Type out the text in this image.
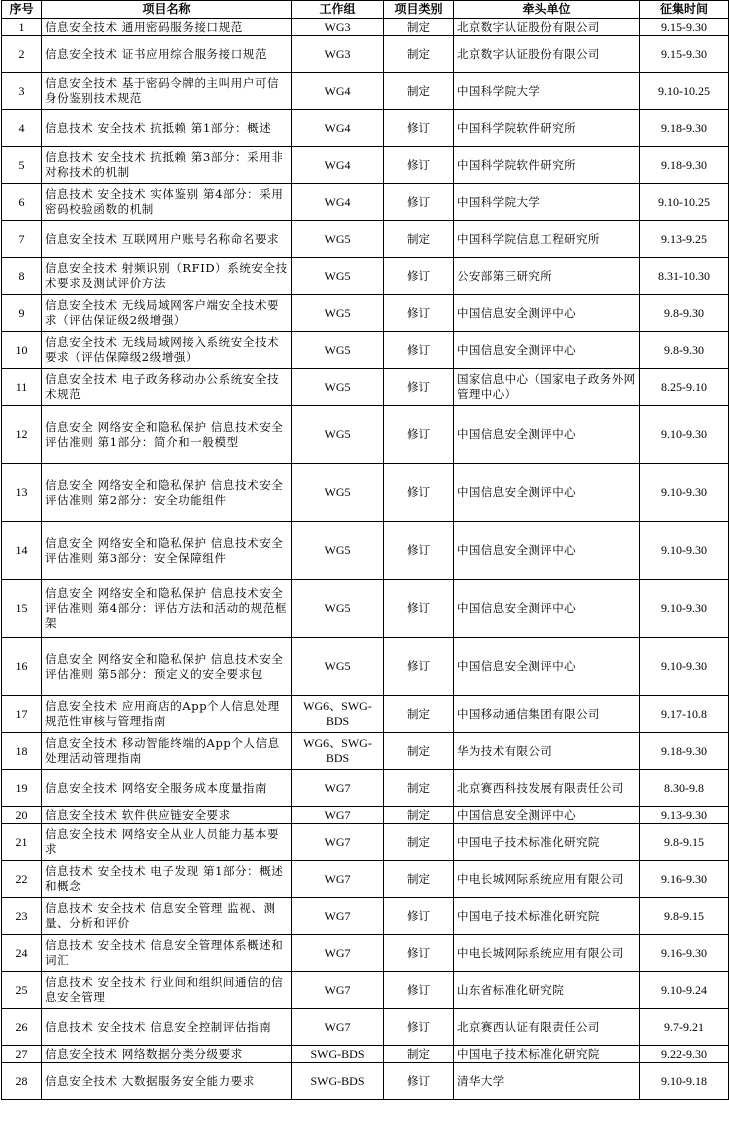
序号	项目名称	工作组	项目类别	牵头单位	征集时间
1	信息安全技术 通用密码服务接口规范	WG3	制定	北京数字认证股份有限公司	9.15-9.30
2	信息安全技术 证书应用综合服务接口规范	WG3	制定	北京数字认证股份有限公司	9.15-9.30
3	信息安全技术 基于密码令牌的主叫用户可信身份鉴别技术规范	WG4	制定	中国科学院大学	9.10-10.25
4	信息技术 安全技术 抗抵赖 第1部分：概述	WG4	修订	中国科学院软件研究所	9.18-9.30
5	信息技术 安全技术 抗抵赖 第3部分：采用非对称技术的机制	WG4	修订	中国科学院软件研究所	9.18-9.30
6	信息技术 安全技术 实体鉴别 第4部分：采用密码校验函数的机制	WG4	修订	中国科学院大学	9.10-10.25
7	信息安全技术 互联网用户账号名称命名要求	WG5	制定	中国科学院信息工程研究所	9.13-9.25
8	信息安全技术 射频识别（RFID）系统安全技术要求及测试评价方法	WG5	修订	公安部第三研究所	8.31-10.30
9	信息安全技术 无线局域网客户端安全技术要求（评估保证级2级增强）	WG5	修订	中国信息安全测评中心	9.8-9.30
10	信息安全技术 无线局域网接入系统安全技术要求（评估保障级2级增强）	WG5	修订	中国信息安全测评中心	9.8-9.30
11	信息安全技术 电子政务移动办公系统安全技术规范	WG5	修订	国家信息中心（国家电子政务外网管理中心）	8.25-9.10
12	信息安全 网络安全和隐私保护 信息技术安全评估准则 第1部分：简介和一般模型	WG5	修订	中国信息安全测评中心	9.10-9.30
13	信息安全 网络安全和隐私保护 信息技术安全评估准则 第2部分：安全功能组件	WG5	修订	中国信息安全测评中心	9.10-9.30
14	信息安全 网络安全和隐私保护 信息技术安全评估准则 第3部分：安全保障组件	WG5	修订	中国信息安全测评中心	9.10-9.30
15	信息安全 网络安全和隐私保护 信息技术安全评估准则 第4部分：评估方法和活动的规范框架	WG5	修订	中国信息安全测评中心	9.10-9.30
16	信息安全 网络安全和隐私保护 信息技术安全评估准则 第5部分：预定义的安全要求包	WG5	修订	中国信息安全测评中心	9.10-9.30
17	信息安全技术 应用商店的App个人信息处理规范性审核与管理指南	WG6、SWG-BDS	制定	中国移动通信集团有限公司	9.17-10.8
18	信息安全技术 移动智能终端的App个人信息处理活动管理指南	WG6、SWG-BDS	制定	华为技术有限公司	9.18-9.30
19	信息安全技术 网络安全服务成本度量指南	WG7	制定	北京赛西科技发展有限责任公司	8.30-9.8
20	信息安全技术 软件供应链安全要求	WG7	制定	中国信息安全测评中心	9.13-9.30
21	信息安全技术 网络安全从业人员能力基本要求	WG7	制定	中国电子技术标准化研究院	9.8-9.15
22	信息技术 安全技术 电子发现 第1部分：概述和概念	WG7	制定	中电长城网际系统应用有限公司	9.16-9.30
23	信息技术 安全技术 信息安全管理 监视、测量、分析和评价	WG7	修订	中国电子技术标准化研究院	9.8-9.15
24	信息技术 安全技术 信息安全管理体系概述和词汇	WG7	修订	中电长城网际系统应用有限公司	9.16-9.30
25	信息技术 安全技术 行业间和组织间通信的信息安全管理	WG7	修订	山东省标准化研究院	9.10-9.24
26	信息技术 安全技术 信息安全控制评估指南	WG7	修订	北京赛西认证有限责任公司	9.7-9.21
27	信息安全技术 网络数据分类分级要求	SWG-BDS	制定	中国电子技术标准化研究院	9.22-9.30
28	信息安全技术 大数据服务安全能力要求	SWG-BDS	修订	清华大学	9.10-9.18
